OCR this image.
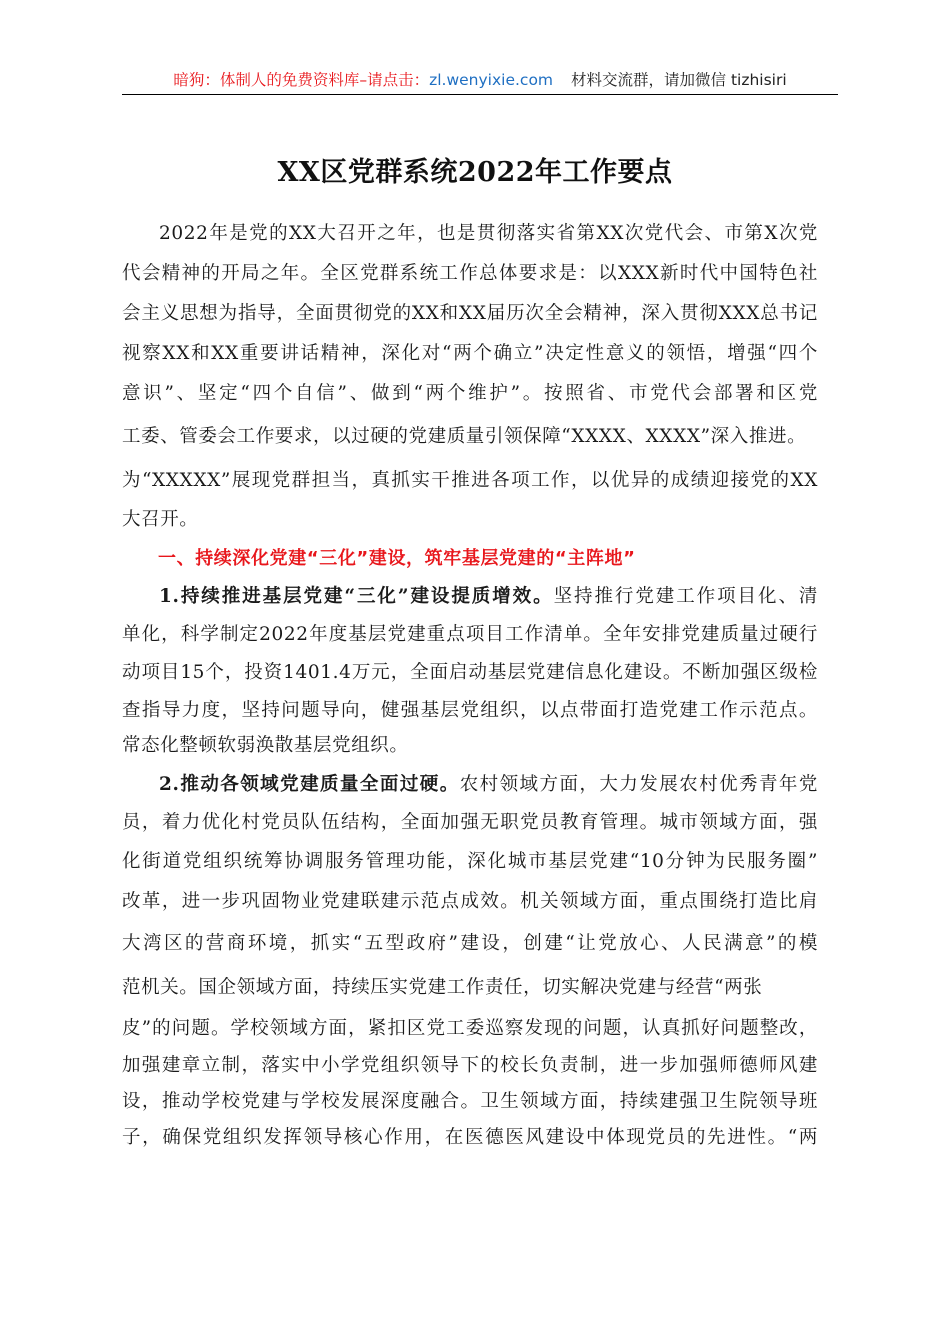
暗狗：体制人的免费资料库–请点击：zl.wenyixie.com 材料交流群，请加微信 tizhisiri
XX区党群系统2022年工作要点
2022年是党的XX大召开之年，也是贯彻落实省第XX次党代会、市第X次党
代会精神的开局之年。全区党群系统工作总体要求是：以XXX新时代中国特色社
会主义思想为指导，全面贯彻党的XX和XX届历次全会精神，深入贯彻XXX总书记
视察XX和XX重要讲话精神，深化对“两个确立”决定性意义的领悟，增强“四个
意识”、坚定“四个自信”、做到“两个维护”。按照省、市党代会部署和区党
工委、管委会工作要求，以过硬的党建质量引领保障“XXXX、XXXX”深入推进。
为“XXXXX”展现党群担当，真抓实干推进各项工作，以优异的成绩迎接党的XX
大召开。
一、持续深化党建“三化”建设，筑牢基层党建的“主阵地”
1.持续推进基层党建“三化”建设提质增效。坚持推行党建工作项目化、清
单化，科学制定2022年度基层党建重点项目工作清单。全年安排党建质量过硬行
动项目15个，投资1401.4万元，全面启动基层党建信息化建设。不断加强区级检
查指导力度，坚持问题导向，健强基层党组织，以点带面打造党建工作示范点。
常态化整顿软弱涣散基层党组织。
2.推动各领域党建质量全面过硬。农村领域方面，大力发展农村优秀青年党
员，着力优化村党员队伍结构，全面加强无职党员教育管理。城市领域方面，强
化街道党组织统筹协调服务管理功能，深化城市基层党建“10分钟为民服务圈”
改革，进一步巩固物业党建联建示范点成效。机关领域方面，重点围绕打造比肩
大湾区的营商环境，抓实“五型政府”建设，创建“让党放心、人民满意”的模
范机关。国企领域方面，持续压实党建工作责任，切实解决党建与经营“两张
皮”的问题。学校领域方面，紧扣区党工委巡察发现的问题，认真抓好问题整改，
加强建章立制，落实中小学党组织领导下的校长负责制，进一步加强师德师风建
设，推动学校党建与学校发展深度融合。卫生领域方面，持续建强卫生院领导班
子，确保党组织发挥领导核心作用，在医德医风建设中体现党员的先进性。“两
